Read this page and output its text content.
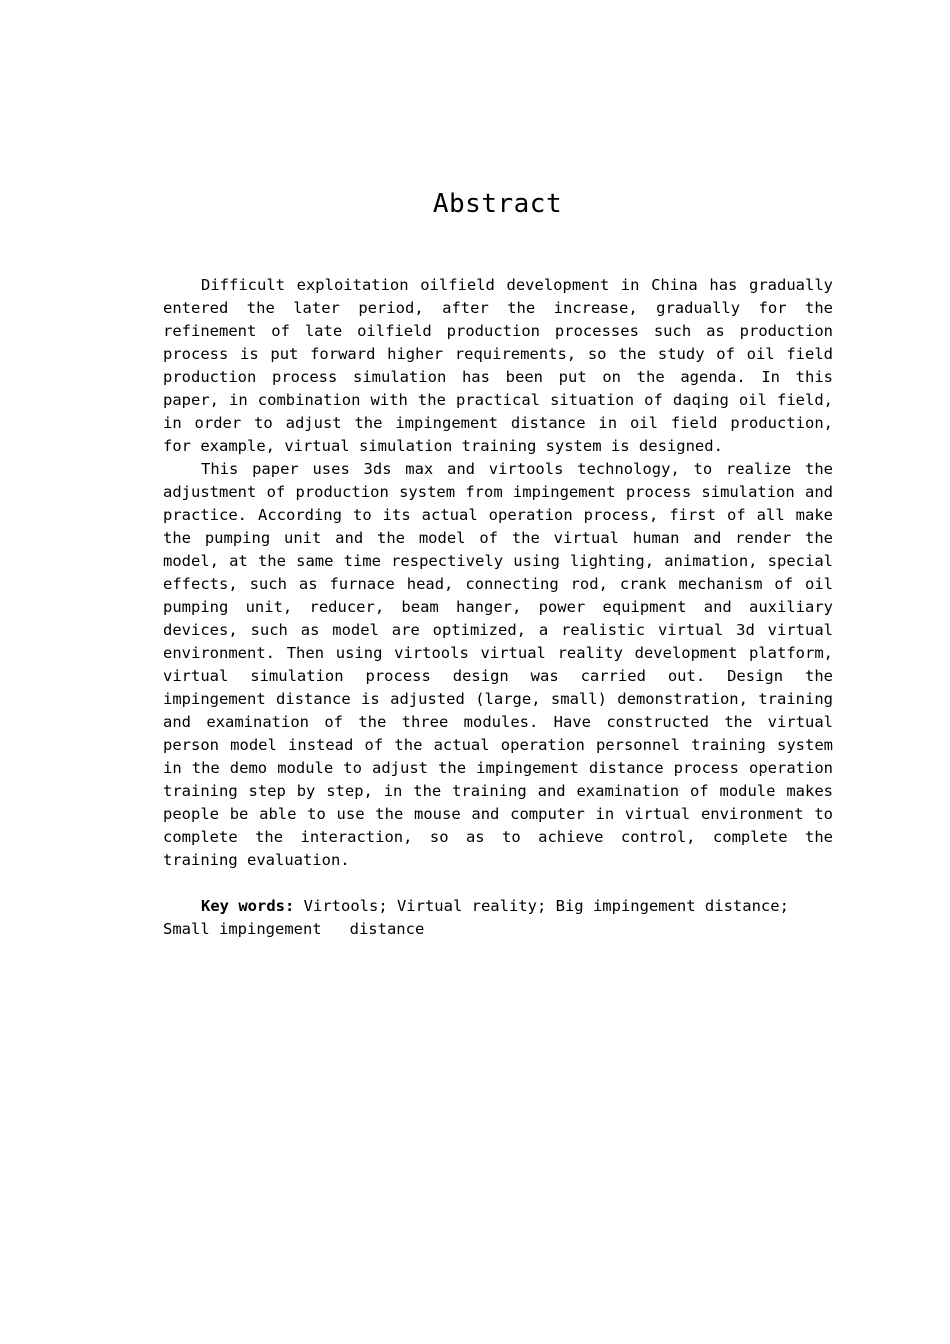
Abstract

Difficult exploitation oilfield development in China has gradually entered the later period, after the increase, gradually for the refinement of late oilfield production processes such as production process is put forward higher requirements, so the study of oil field production process simulation has been put on the agenda. In this paper, in combination with the practical situation of daqing oil field, in order to adjust the impingement distance in oil field production, for example, virtual simulation training system is designed.

This paper uses 3ds max and virtools technology, to realize the adjustment of production system from impingement process simulation and practice. According to its actual operation process, first of all make the pumping unit and the model of the virtual human and render the model, at the same time respectively using lighting, animation, special effects, such as furnace head, connecting rod, crank mechanism of oil pumping unit, reducer, beam hanger, power equipment and auxiliary devices, such as model are optimized, a realistic virtual 3d virtual environment. Then using virtools virtual reality development platform, virtual simulation process design was carried out. Design the impingement distance is adjusted (large, small) demonstration, training and examination of the three modules. Have constructed the virtual person model instead of the actual operation personnel training system in the demo module to adjust the impingement distance process operation training step by step, in the training and examination of module makes people be able to use the mouse and computer in virtual environment to complete the interaction, so as to achieve control, complete the training evaluation.

Key words: Virtools; Virtual reality; Big impingement distance; Small impingement   distance
